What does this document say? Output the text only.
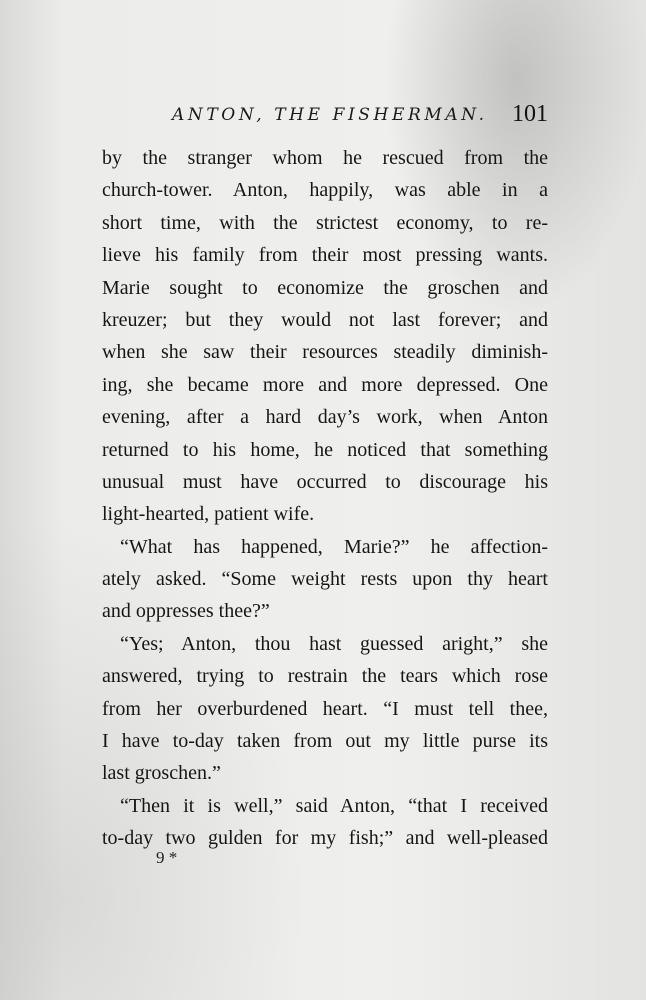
ANTON, THE FISHERMAN. 101
by the stranger whom he rescued from the
church-tower. Anton, happily, was able in a
short time, with the strictest economy, to re-
lieve his family from their most pressing wants.
Marie sought to economize the groschen and
kreuzer; but they would not last forever; and
when she saw their resources steadily diminish-
ing, she became more and more depressed. One
evening, after a hard day’s work, when Anton
returned to his home, he noticed that something
unusual must have occurred to discourage his
light-hearted, patient wife.
“What has happened, Marie?” he affection-
ately asked. “Some weight rests upon thy heart
and oppresses thee?”
“Yes; Anton, thou hast guessed aright,” she
answered, trying to restrain the tears which rose
from her overburdened heart. “I must tell thee,
I have to-day taken from out my little purse its
last groschen.”
“Then it is well,” said Anton, “that I received
to-day two gulden for my fish;” and well-pleased
9 *
